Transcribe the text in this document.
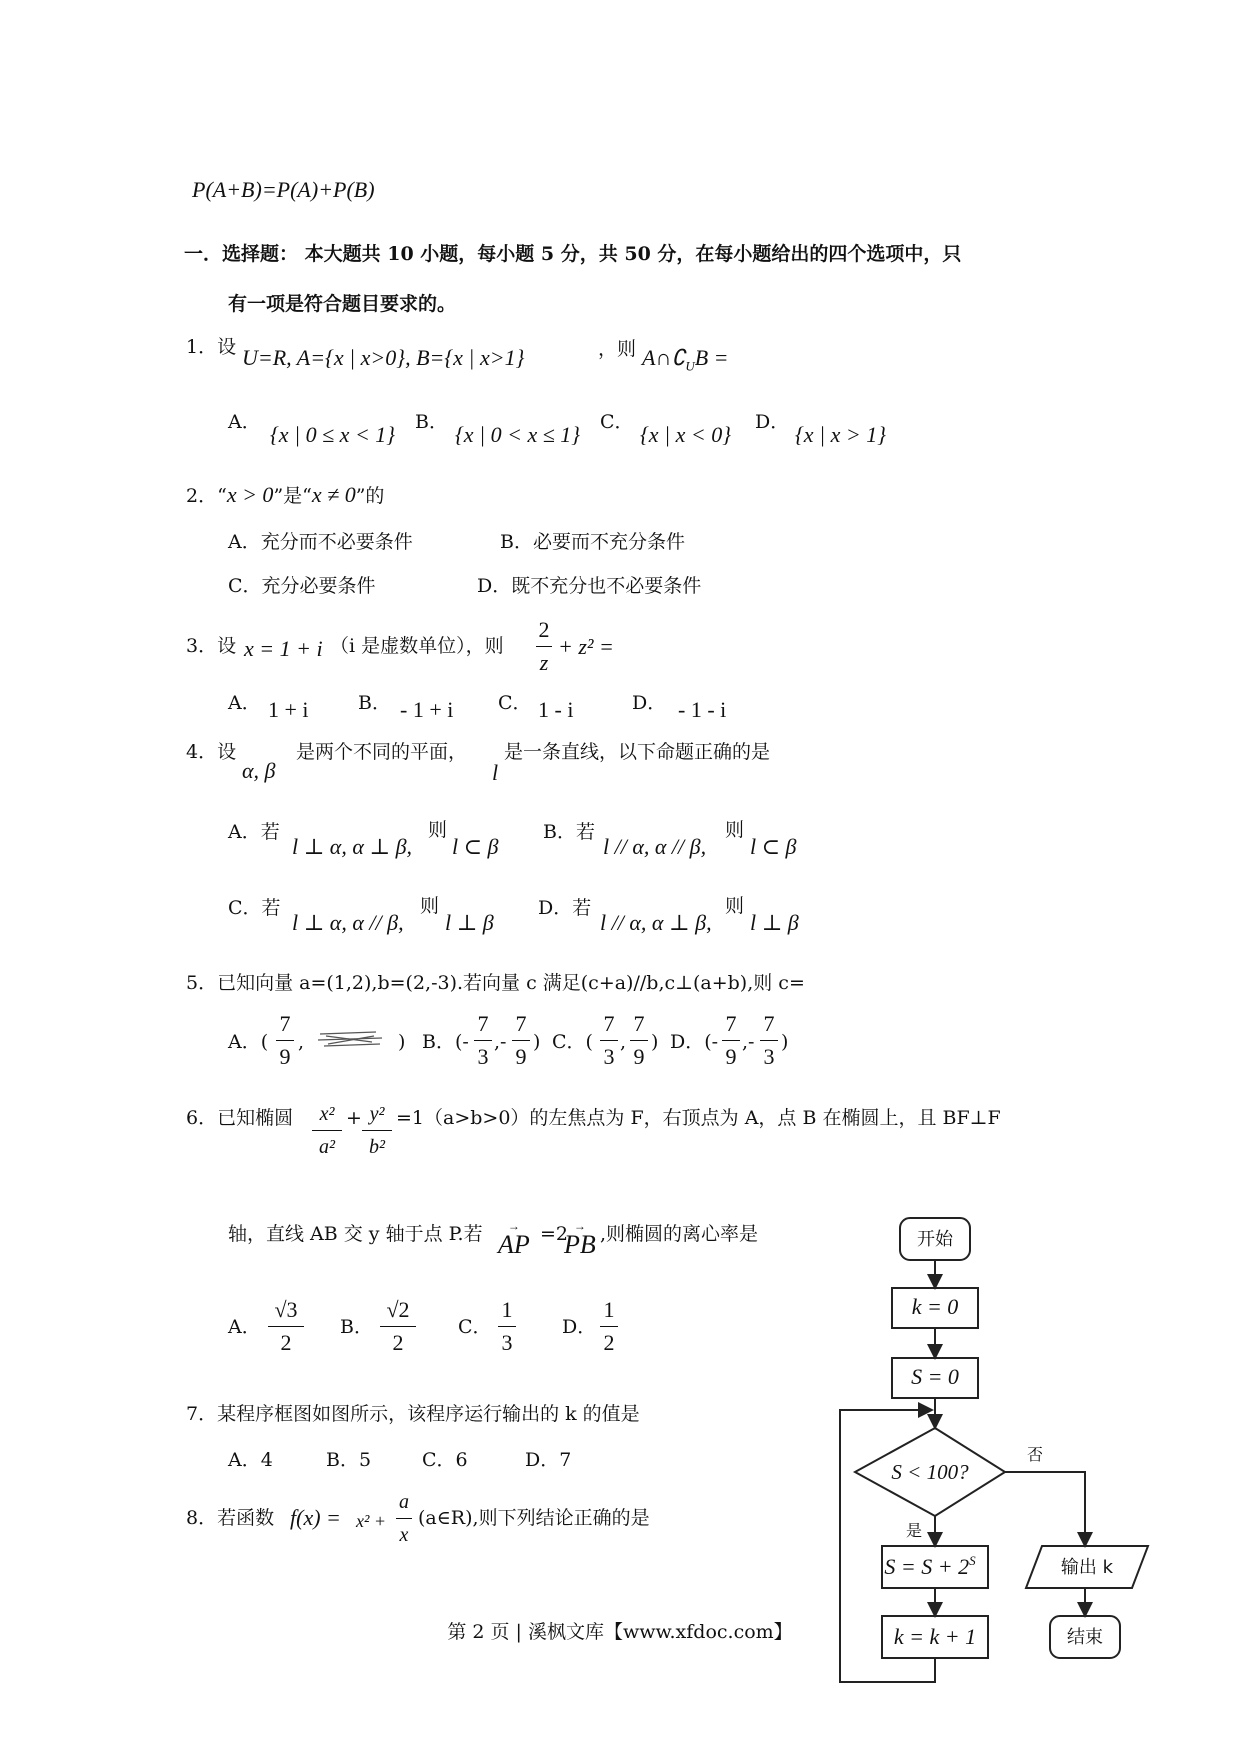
P(A+B)=P(A)+P(B)
一．选择题： 本大题共 10 小题，每小题 5 分，共 50 分，在每小题给出的四个选项中，只
有一项是符合题目要求的。
1．设 U=R, A={x | x>0}, B={x | x>1}	，则 $A\cap∁_UB$ =
A． {x | 0 ≤ x < 1} B． {x | 0 < x ≤ 1} C． {x | x < 0} D． {x | x > 1}
2．“x > 0”是“x ≠ 0”的
A．充分而不必要条件	B．必要而不充分条件
C．充分必要条件	D．既不充分也不必要条件
3．设 x = 1 + i （i 是虚数单位），则
2
z
+ z² =
A． 1 + i	B． - 1 + i C． 1 - i	D． - 1 - i
4．设
α, β
是两个不同的平面，
l
是一条直线，以下命题正确的是
A．若
l ⊥ α, α ⊥ β,
则
l ⊂ β
B．若
l // α, α // β,
则
l ⊂ β
C．若
l ⊥ α, α // β,
则
l ⊥ β
D．若
l // α, α ⊥ β,
则
l ⊥ β
5．已知向量 a=(1,2),b=(2,-3).若向量 c 满足(c+a)//b,c⊥(a+b),则 c=
A．(
7
9
,	) B．(-
7
3
,-
7
9
) C．(
7
3
,
7
9
) D．(-
7
9
,-
7
3
)
6．已知椭圆	x²
a²
+ y²
b²
=1（a>b>0）的左焦点为 F，右顶点为 A，点 B 在椭圆上，且 BF⊥F
轴，直线 AB 交 y 轴于点 P.若	→
AP =2 →
PB ,则椭圆的离心率是
A．
√3
2
B．
√2
2
C．
1
3
D．
1
2
7．某程序框图如图所示，该程序运行输出的 k 的值是
A．4	B．5	C．6	D．7
8．若函数 f(x) = x² +
a
x
(a∈R),则下列结论正确的是
开始
k = 0
S = 0
S < 100?
是
否
$S = S + 2^S$
k = k + 1
输出 k
结束
第 2 页 | 溪枫文库【www.xfdoc.com】
